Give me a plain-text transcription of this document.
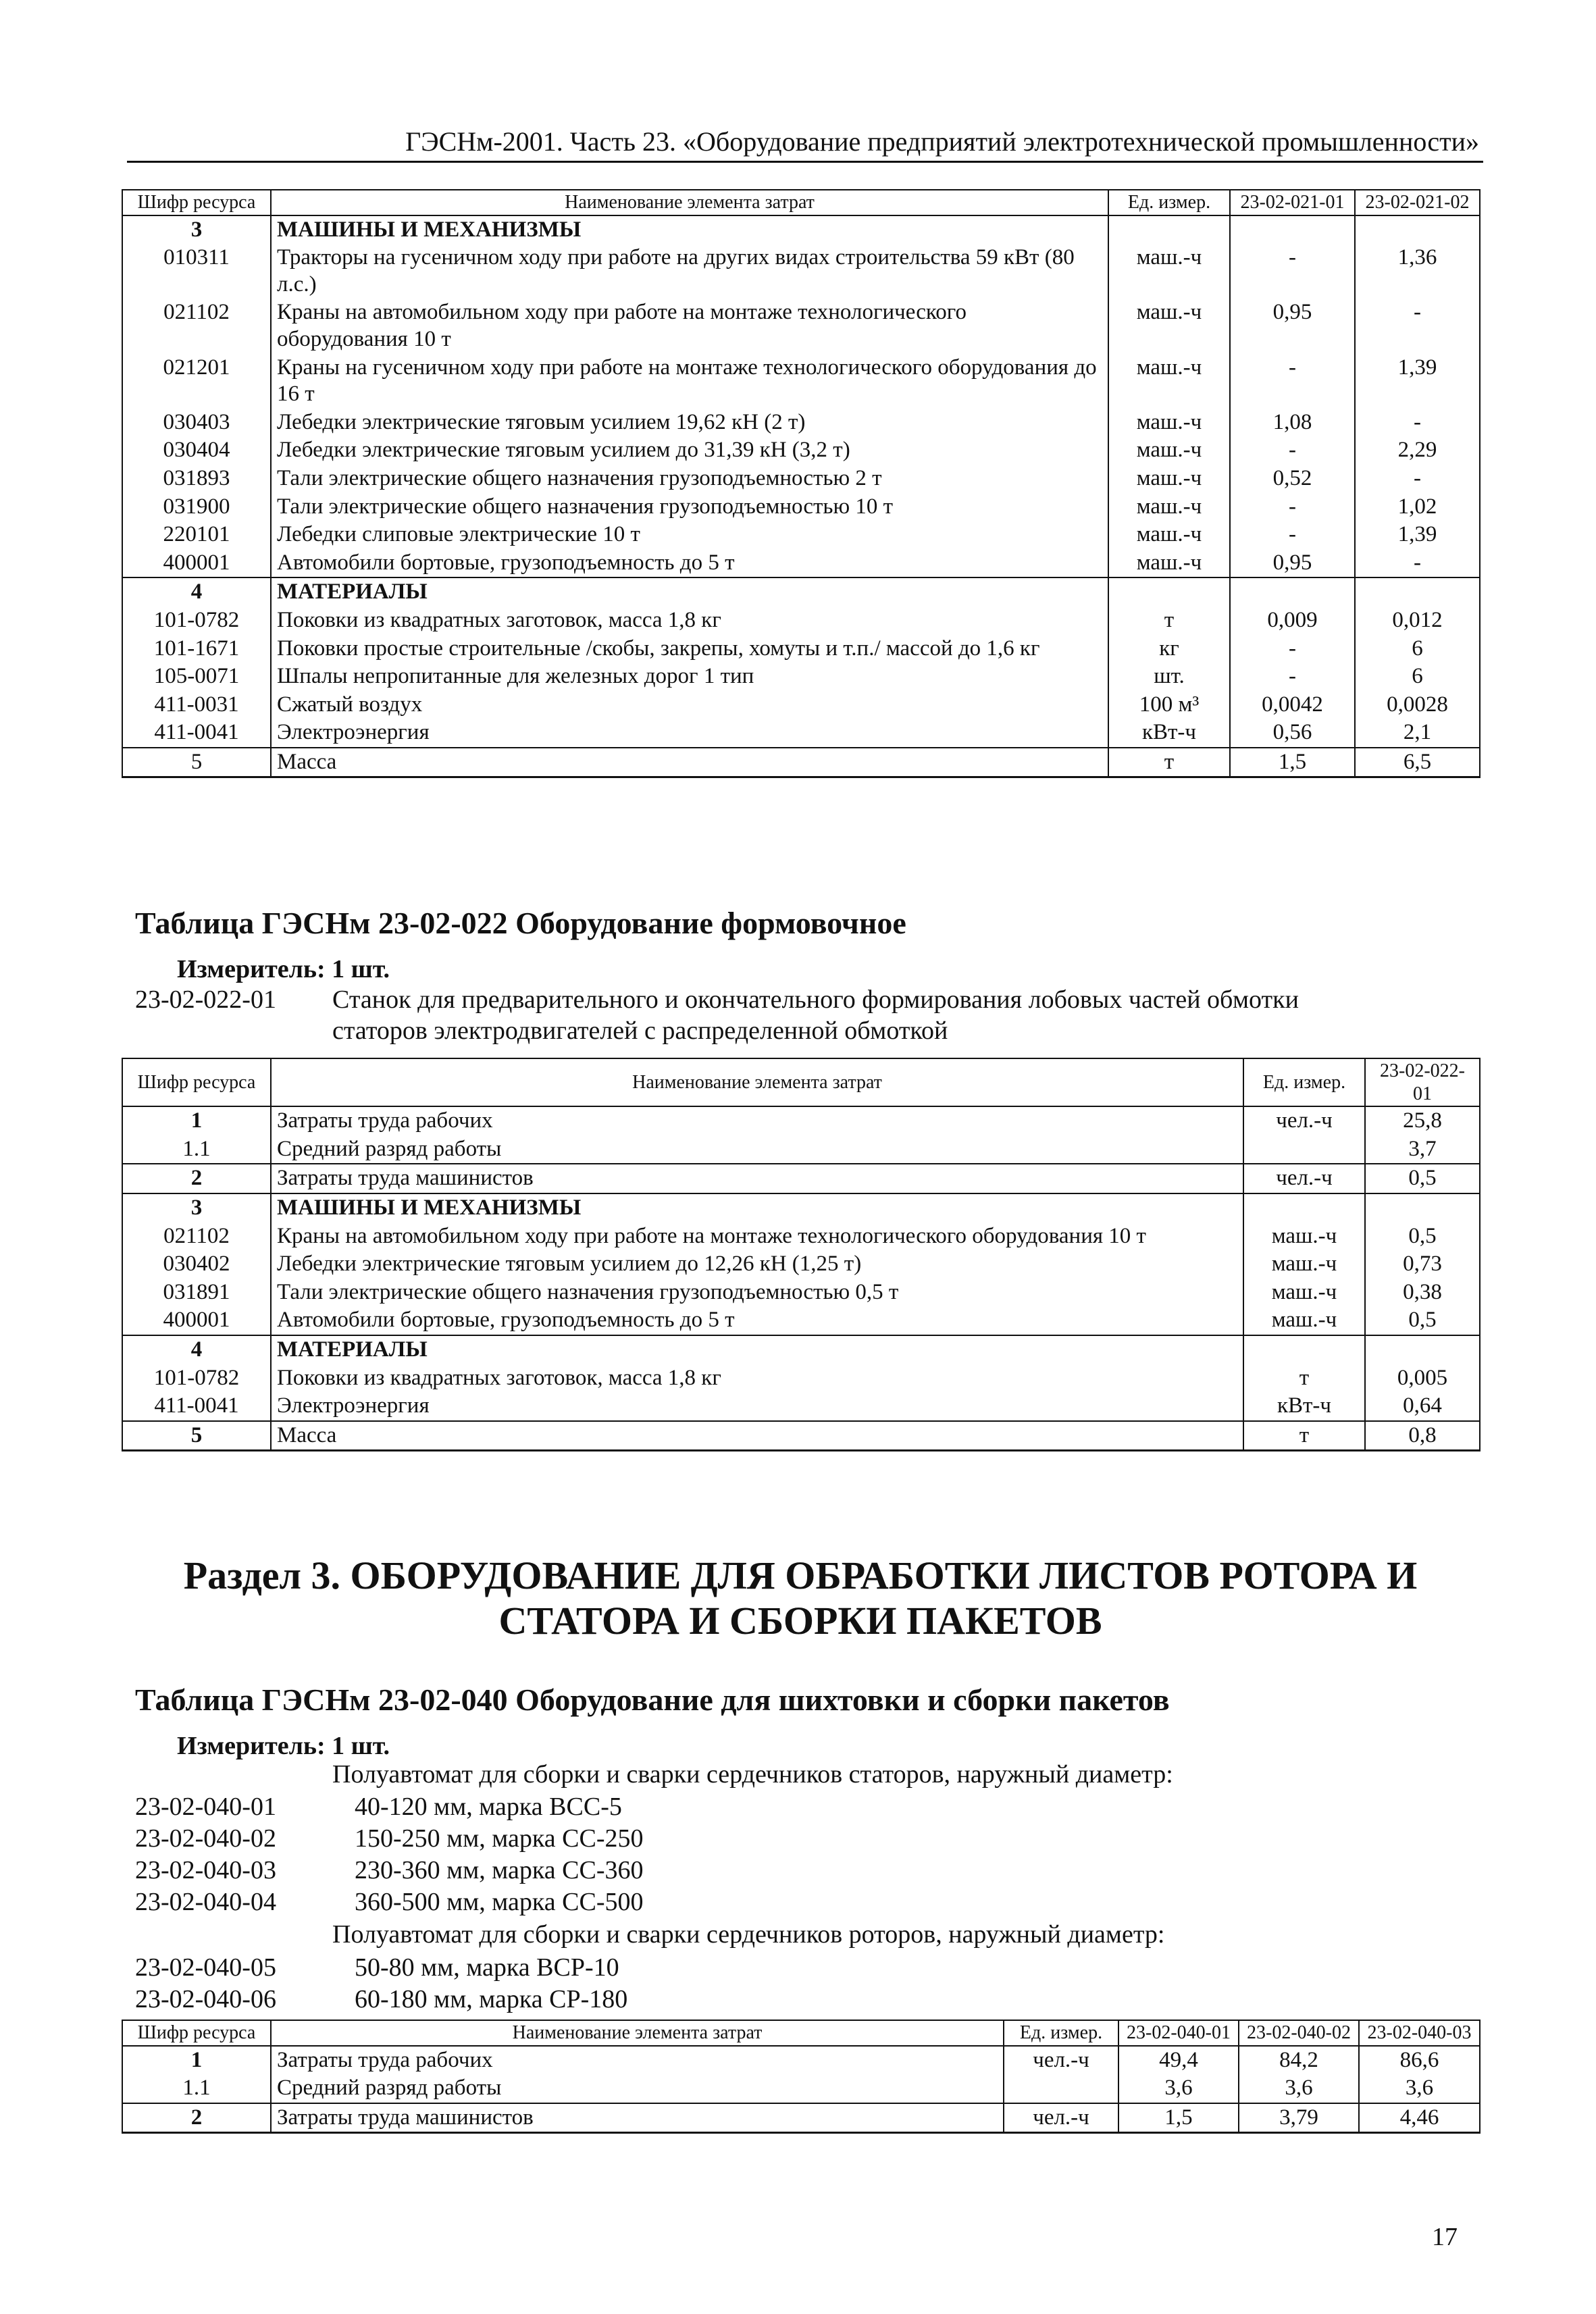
ГЭСНм-2001. Часть 23. «Оборудование предприятий электротехнической промышленности»
Шифр ресурса	Наименование элемента затрат	Ед. измер.	23-02-021-01	23-02-021-02
3	МАШИНЫ И МЕХАНИЗМЫ			
010311	Тракторы на гусеничном ходу при работе на других видах строительства 59 кВт (80 л.с.)	маш.-ч	-	1,36
021102	Краны на автомобильном ходу при работе на монтаже технологического оборудования 10 т	маш.-ч	0,95	-
021201	Краны на гусеничном ходу при работе на монтаже технологического оборудования до 16 т	маш.-ч	-	1,39
030403	Лебедки электрические тяговым усилием 19,62 кН (2 т)	маш.-ч	1,08	-
030404	Лебедки электрические тяговым усилием до 31,39 кН (3,2 т)	маш.-ч	-	2,29
031893	Тали электрические общего назначения грузоподъемностью 2 т	маш.-ч	0,52	-
031900	Тали электрические общего назначения грузоподъемностью 10 т	маш.-ч	-	1,02
220101	Лебедки слиповые электрические 10 т	маш.-ч	-	1,39
400001	Автомобили бортовые, грузоподъемность до 5 т	маш.-ч	0,95	-
4	МАТЕРИАЛЫ			
101-0782	Поковки из квадратных заготовок, масса 1,8 кг	т	0,009	0,012
101-1671	Поковки простые строительные /скобы, закрепы, хомуты и т.п./ массой до 1,6 кг	кг	-	6
105-0071	Шпалы непропитанные для железных дорог 1 тип	шт.	-	6
411-0031	Сжатый воздух	100 м³	0,0042	0,0028
411-0041	Электроэнергия	кВт-ч	0,56	2,1
5	Масса	т	1,5	6,5
Таблица ГЭСНм 23-02-022 Оборудование формовочное
Измеритель: 1 шт.
23-02-022-01 Станок для предварительного и окончательного формирования лобовых частей обмотки статоров электродвигателей с распределенной обмоткой
Шифр ресурса	Наименование элемента затрат	Ед. измер.	23-02-022-01
1	Затраты труда рабочих	чел.-ч	25,8
1.1	Средний разряд работы		3,7
2	Затраты труда машинистов	чел.-ч	0,5
3	МАШИНЫ И МЕХАНИЗМЫ		
021102	Краны на автомобильном ходу при работе на монтаже технологического оборудования 10 т	маш.-ч	0,5
030402	Лебедки электрические тяговым усилием до 12,26 кН (1,25 т)	маш.-ч	0,73
031891	Тали электрические общего назначения грузоподъемностью 0,5 т	маш.-ч	0,38
400001	Автомобили бортовые, грузоподъемность до 5 т	маш.-ч	0,5
4	МАТЕРИАЛЫ		
101-0782	Поковки из квадратных заготовок, масса 1,8 кг	т	0,005
411-0041	Электроэнергия	кВт-ч	0,64
5	Масса	т	0,8
Раздел 3. ОБОРУДОВАНИЕ ДЛЯ ОБРАБОТКИ ЛИСТОВ РОТОРА И
СТАТОРА И СБОРКИ ПАКЕТОВ
Таблица ГЭСНм 23-02-040 Оборудование для шихтовки и сборки пакетов
Измеритель: 1 шт.
Полуавтомат для сборки и сварки сердечников статоров, наружный диаметр:
23-02-040-01	40-120 мм, марка ВСС-5
23-02-040-02	150-250 мм, марка СС-250
23-02-040-03	230-360 мм, марка СС-360
23-02-040-04	360-500 мм, марка СС-500
Полуавтомат для сборки и сварки сердечников роторов, наружный диаметр:
23-02-040-05	50-80 мм, марка ВСР-10
23-02-040-06	60-180 мм, марка СР-180
Шифр ресурса	Наименование элемента затрат	Ед. измер.	23-02-040-01	23-02-040-02	23-02-040-03
1	Затраты труда рабочих	чел.-ч	49,4	84,2	86,6
1.1	Средний разряд работы		3,6	3,6	3,6
2	Затраты труда машинистов	чел.-ч	1,5	3,79	4,46
17
